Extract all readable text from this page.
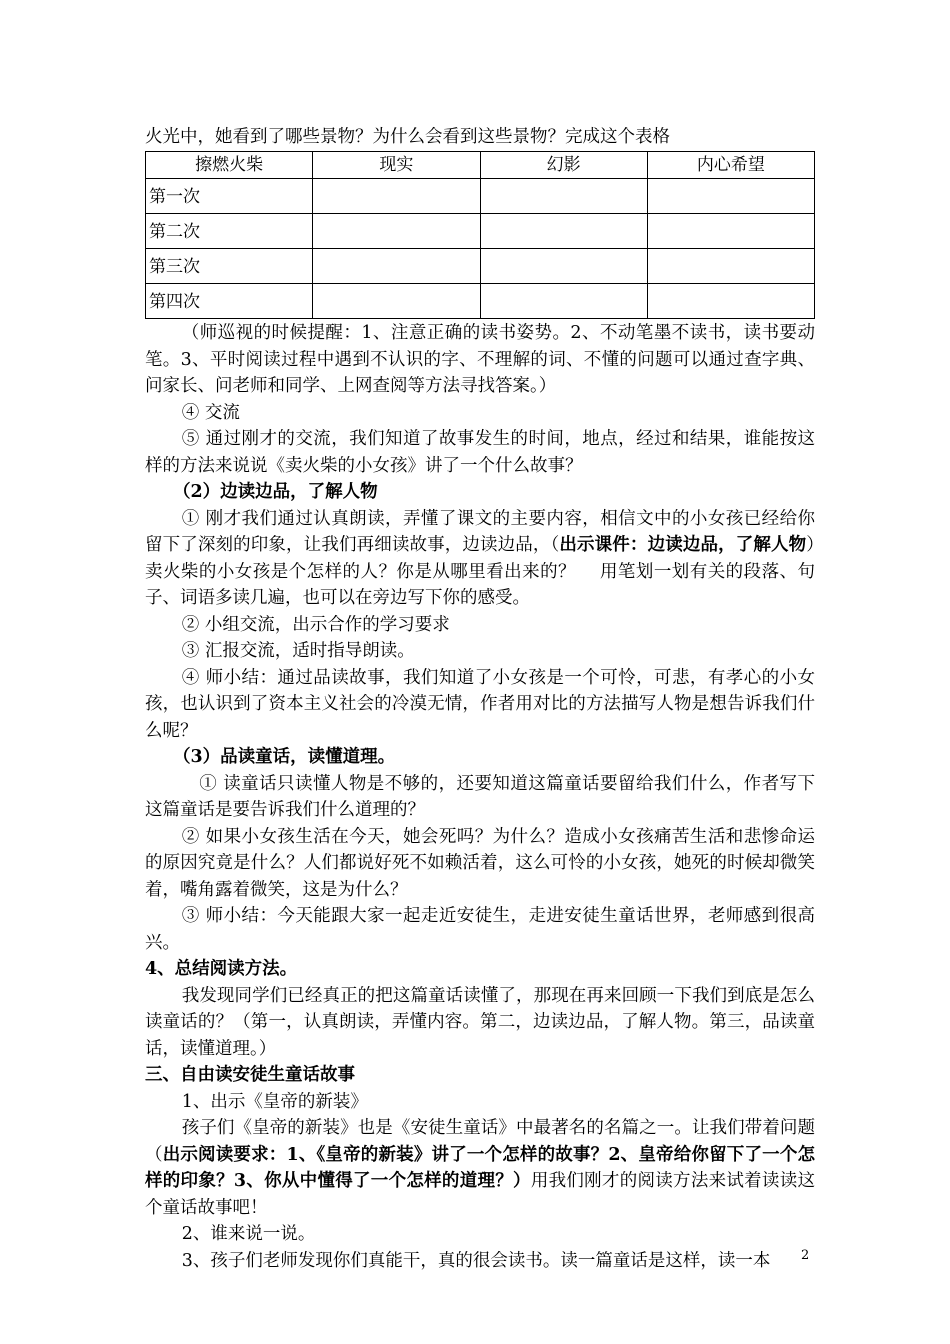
火光中，她看到了哪些景物？为什么会看到这些景物？完成这个表格

擦燃火柴	现实	幻影	内心希望
第一次			
第二次			
第三次			
第四次			

（师巡视的时候提醒：1、注意正确的读书姿势。2、不动笔墨不读书，读书要动笔。3、平时阅读过程中遇到不认识的字、不理解的词、不懂的问题可以通过查字典、问家长、问老师和同学、上网查阅等方法寻找答案。）

④ 交流

⑤ 通过刚才的交流，我们知道了故事发生的时间，地点，经过和结果，谁能按这样的方法来说说《卖火柴的小女孩》讲了一个什么故事？

（2）边读边品，了解人物

① 刚才我们通过认真朗读，弄懂了课文的主要内容，相信文中的小女孩已经给你留下了深刻的印象，让我们再细读故事，边读边品，（出示课件：边读边品，了解人物）卖火柴的小女孩是个怎样的人？你是从哪里看出来的？　 用笔划一划有关的段落、句子、词语多读几遍，也可以在旁边写下你的感受。

② 小组交流，出示合作的学习要求

③ 汇报交流，适时指导朗读。

④ 师小结：通过品读故事，我们知道了小女孩是一个可怜，可悲，有孝心的小女孩，也认识到了资本主义社会的冷漠无情，作者用对比的方法描写人物是想告诉我们什么呢？

（3）品读童话，读懂道理。

① 读童话只读懂人物是不够的，还要知道这篇童话要留给我们什么，作者写下这篇童话是要告诉我们什么道理的？

② 如果小女孩生活在今天，她会死吗？为什么？造成小女孩痛苦生活和悲惨命运的原因究竟是什么？人们都说好死不如赖活着，这么可怜的小女孩，她死的时候却微笑着，嘴角露着微笑，这是为什么？

③ 师小结：今天能跟大家一起走近安徒生，走进安徒生童话世界，老师感到很高兴。

4、总结阅读方法。

我发现同学们已经真正的把这篇童话读懂了，那现在再来回顾一下我们到底是怎么读童话的？（第一，认真朗读，弄懂内容。第二，边读边品，了解人物。第三，品读童话，读懂道理。）

三、自由读安徒生童话故事

1、出示《皇帝的新装》

孩子们《皇帝的新装》也是《安徒生童话》中最著名的名篇之一。让我们带着问题（出示阅读要求：1、《皇帝的新装》讲了一个怎样的故事？2、皇帝给你留下了一个怎样的印象？3、你从中懂得了一个怎样的道理？）用我们刚才的阅读方法来试着读读这个童话故事吧！

2、谁来说一说。

3、孩子们老师发现你们真能干，真的很会读书。读一篇童话是这样，读一本	2
